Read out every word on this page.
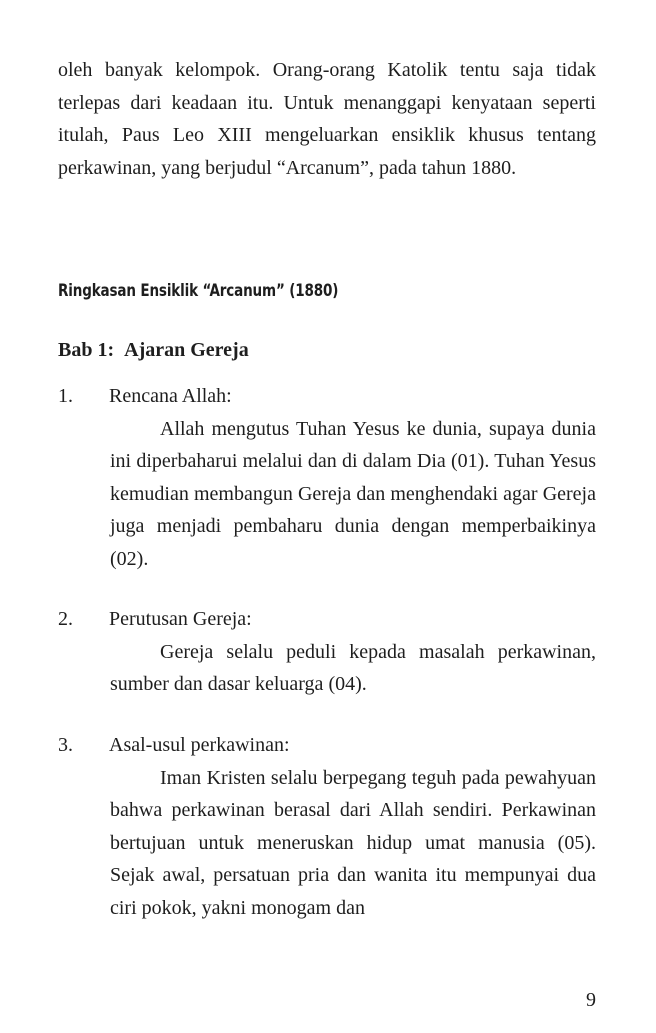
oleh banyak kelompok. Orang-orang Katolik tentu saja tidak terlepas dari keadaan itu. Untuk menanggapi kenyataan seperti itulah, Paus Leo XIII mengeluarkan ensiklik khusus tentang perkawinan, yang berjudul “Arcanum”, pada tahun 1880.

Ringkasan Ensiklik “Arcanum” (1880)
Bab 1: Ajaran Gereja
1. Rencana Allah:

Allah mengutus Tuhan Yesus ke dunia, supaya dunia ini diperbaharui melalui dan di dalam Dia (01). Tuhan Yesus kemudian membangun Gereja dan menghendaki agar Gereja juga menjadi pembaharu dunia dengan memperbaikinya (02).

2. Perutusan Gereja:

Gereja selalu peduli kepada masalah perkawinan, sumber dan dasar keluarga (04).

3. Asal-usul perkawinan:

Iman Kristen selalu berpegang teguh pada pewahyuan bahwa perkawinan berasal dari Allah sendiri. Perkawinan bertujuan untuk meneruskan hidup umat manusia (05). Sejak awal, persatuan pria dan wanita itu mempunyai dua ciri pokok, yakni monogam dan

9
